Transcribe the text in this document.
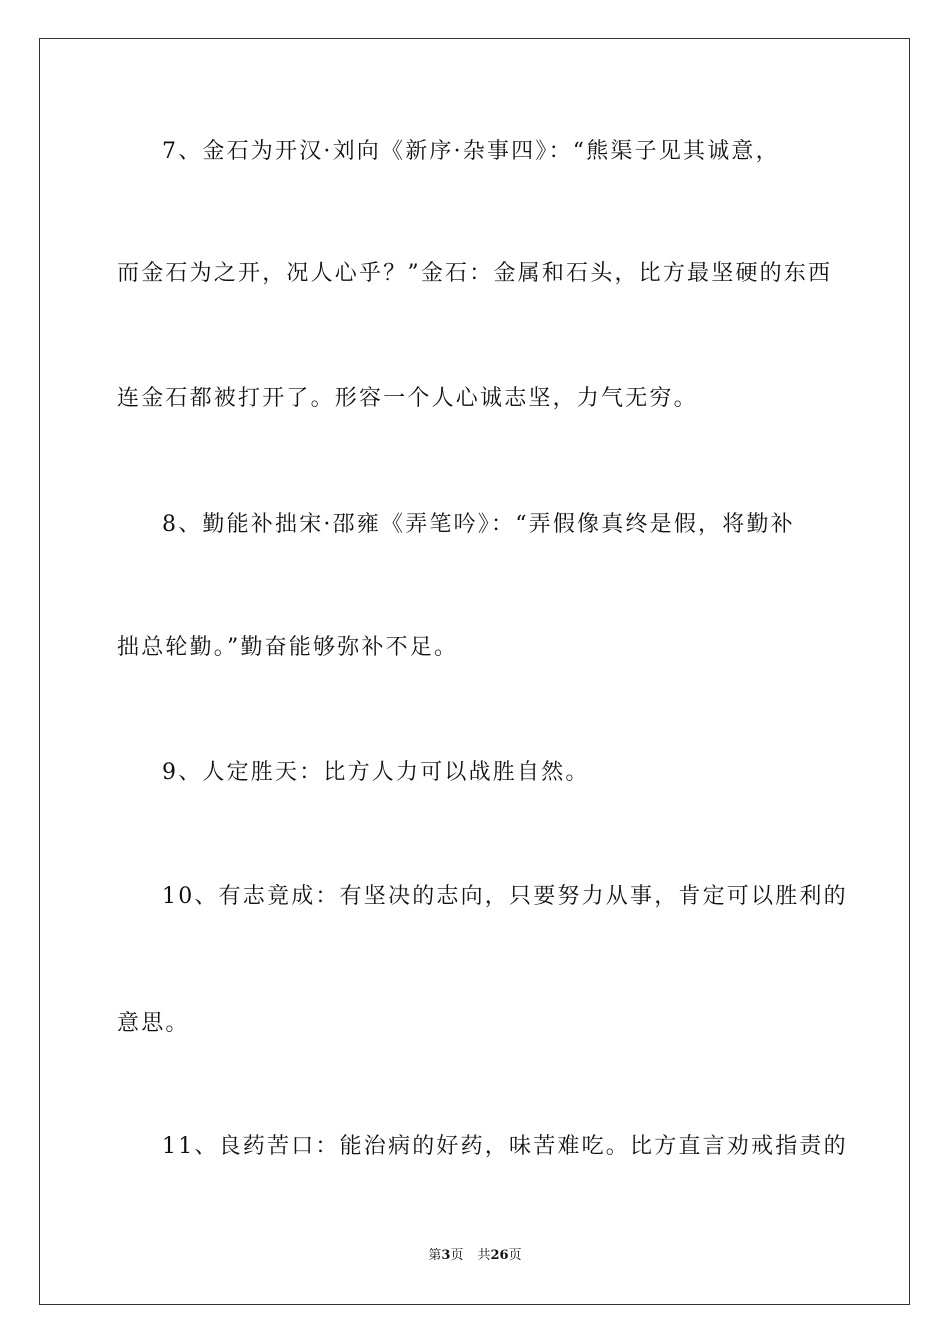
7、金石为开汉·刘向《新序·杂事四》：“熊渠子见其诚意，
而金石为之开，况人心乎？”金石：金属和石头，比方最坚硬的东西
连金石都被打开了。形容一个人心诚志坚，力气无穷。
8、勤能补拙宋·邵雍《弄笔吟》：“弄假像真终是假，将勤补
拙总轮勤。”勤奋能够弥补不足。
9、人定胜天：比方人力可以战胜自然。
10、有志竟成：有坚决的志向，只要努力从事，肯定可以胜利的
意思。
11、良药苦口：能治病的好药，味苦难吃。比方直言劝戒指责的
第3页 共26页
